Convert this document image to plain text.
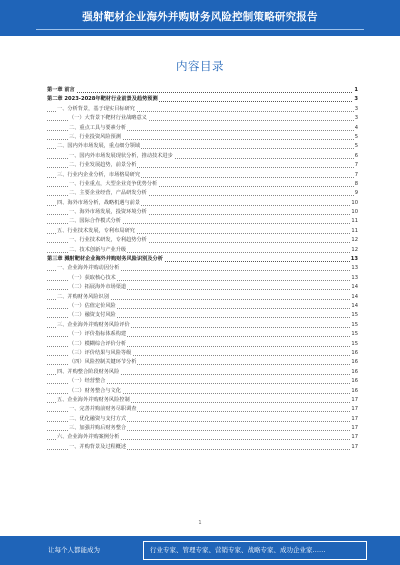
强射靶材企业海外并购财务风险控制策略研究报告
内容目录
第一章 前言	1
第二章 2023-2028年靶材行业前景及趋势预测	3
一、分析背景，基于现实目标研究	3
（一）大背景下靶材行业战略意义	3
二、重点工具与要素分析	4
三、行业投资风险预测	5
二、国内外市场发展，重点细分领域	5
一、国内外市场发展现状分析，推动技术进步	6
二、行业发展趋势，前景分析	7
三、行业内企业分析，市场格局研究	7
一、行业重点，大型企业竞争优势分析	8
二、主要企业经营，产品研发分析	9
四、海外市场分析，战略机遇与前景	10
一、海外市场发展，投资环境分析	10
二、国际合作模式分析	11
五、行业技术发展，专利布局研究	11
一、行业技术研发，专利趋势分析	12
二、技术创新与产业升级	12
第三章 溅射靶材企业海外并购财务风险识别及分析	13
一、企业海外并购动因分析	13
（一）获取核心技术	13
（二）拓展海外市场渠道	14
二、并购财务风险识别	14
（一）估值定价风险	14
（二）融资支付风险	15
三、企业海外并购财务风险评价	15
（一）评价指标体系构建	15
（二）模糊综合评价分析	15
（三）评价结果与风险等级	16
（四）风险控制关键环节分析	16
四、并购整合阶段财务风险	16
（一）经营整合	16
（二）财务整合与文化	16
五、企业海外并购财务风险控制	17
一、完善并购前财务尽职调查	17
二、优化融资与支付方式	17
三、加强并购后财务整合	17
六、企业海外并购案例分析	17
一、并购背景及过程概述	17
1
让每个人都能成为	行业专家、管理专家、营销专家、战略专家、成功企业家……
